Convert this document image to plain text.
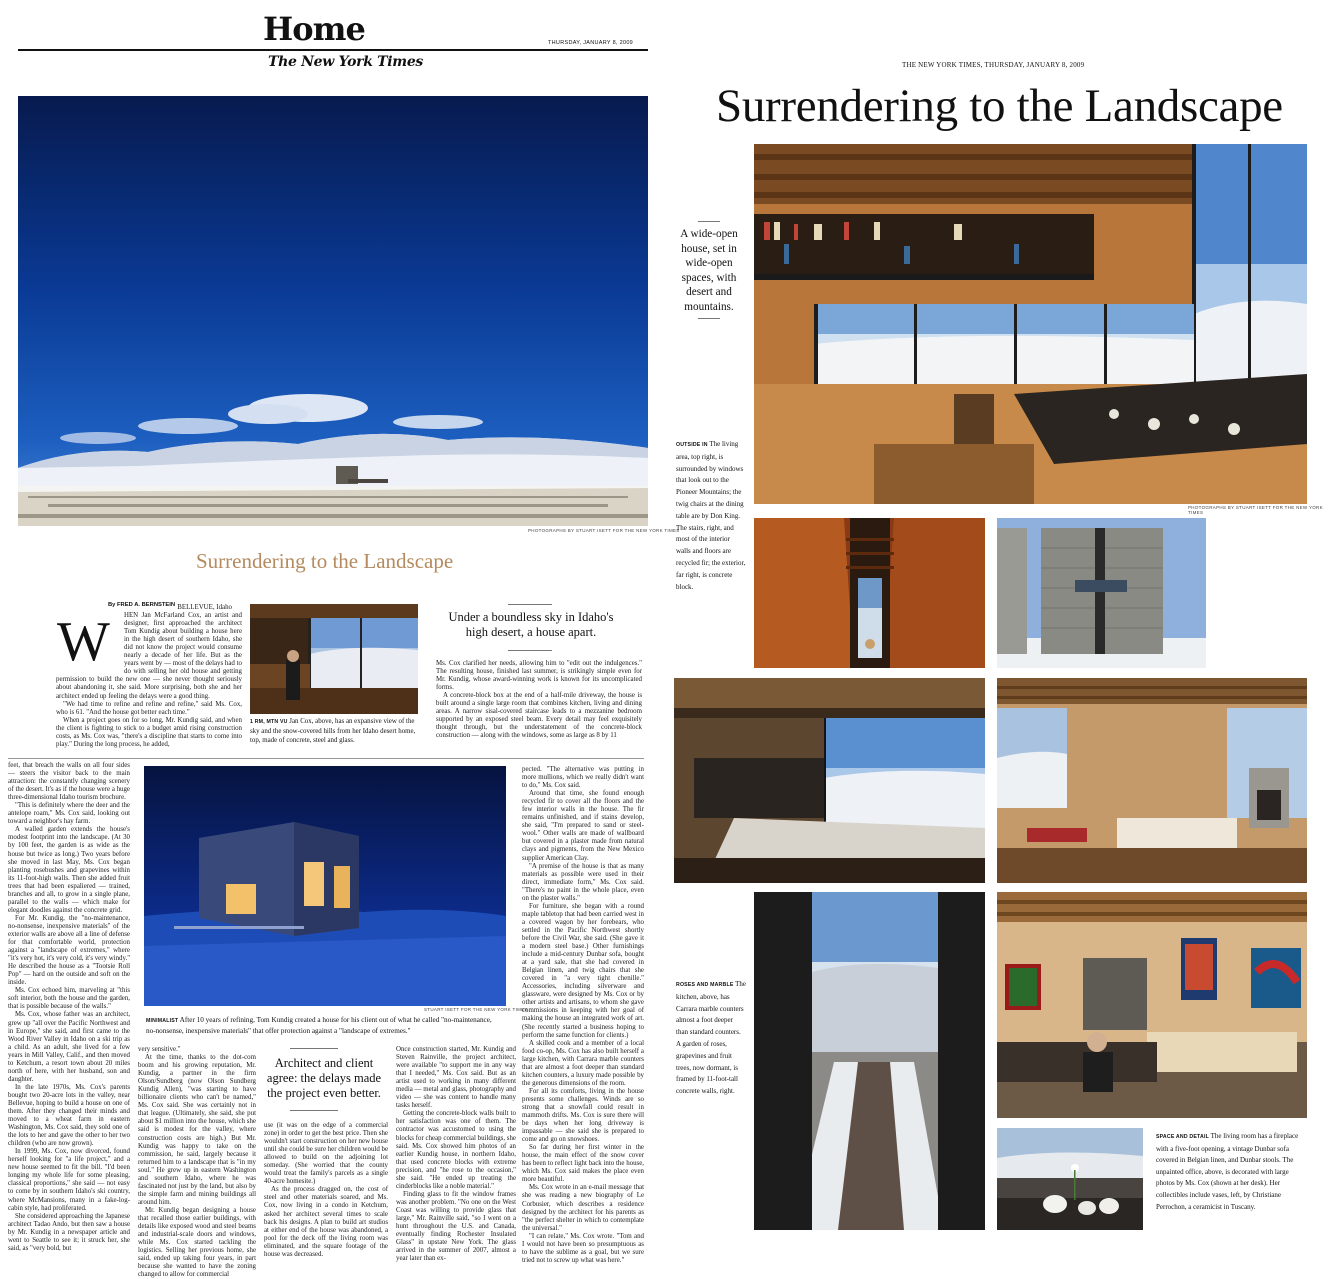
Home
The New York Times
THURSDAY, JANUARY 8, 2009
PHOTOGRAPHS BY STUART ISETT FOR THE NEW YORK TIMES
Surrendering to the Landscape
By FRED A. BERNSTEIN
W
BELLEVUE, Idaho

HEN Jan McFarland Cox, an artist and designer, first approached the architect Tom Kundig about building a house here in the high desert of southern Idaho, she did not know the project would consume nearly a decade of her life. But as the years went by — most of the delays had to do with selling her old house and getting permission to build the new one — she never thought seriously about abandoning it, she said. More surprising, both she and her architect ended up feeling the delays were a good thing.

"We had time to refine and refine and refine," said Ms. Cox, who is 61. "And the house got better each time."

When a project goes on for so long, Mr. Kundig said, and when the client is fighting to stick to a budget amid rising construction costs, as Ms. Cox was, "there's a discipline that starts to come into play." During the long process, he added,

1 RM, MTN VU Jan Cox, above, has an expansive view of the sky and the snow-covered hills from her Idaho desert home, top, made of concrete, steel and glass.
Under a boundless sky in Idaho's high desert, a house apart.

Ms. Cox clarified her needs, allowing him to "edit out the indulgences." The resulting house, finished last summer, is strikingly simple even for Mr. Kundig, whose award-winning work is known for its uncomplicated forms.

A concrete-block box at the end of a half-mile driveway, the house is built around a single large room that combines kitchen, living and dining areas. A narrow sisal-covered staircase leads to a mezzanine bedroom supported by an exposed steel beam. Every detail may feel exquisitely thought through, but the understatement of the concrete-block construction — along with the windows, some as large as 8 by 11

feet, that breach the walls on all four sides — steers the visitor back to the main attraction: the constantly changing scenery of the desert. It's as if the house were a huge three-dimensional Idaho tourism brochure.

"This is definitely where the deer and the antelope roam," Ms. Cox said, looking out toward a neighbor's hay farm.

A walled garden extends the house's modest footprint into the landscape. (At 30 by 100 feet, the garden is as wide as the house but twice as long.) Two years before she moved in last May, Ms. Cox began planting rosebushes and grapevines within its 11-foot-high walls. Then she added fruit trees that had been espaliered — trained, branches and all, to grow in a single plane, parallel to the walls — which make for elegant doodles against the concrete grid.

For Mr. Kundig, the "no-maintenance, no-nonsense, inexpensive materials" of the exterior walls are above all a line of defense for that comfortable world, protection against a "landscape of extremes," where "it's very hot, it's very cold, it's very windy." He described the house as a "Tootsie Roll Pop" — hard on the outside and soft on the inside.

Ms. Cox echoed him, marveling at "this soft interior, both the house and the garden, that is possible because of the walls."

Ms. Cox, whose father was an architect, grew up "all over the Pacific Northwest and in Europe," she said, and first came to the Wood River Valley in Idaho on a ski trip as a child. As an adult, she lived for a few years in Mill Valley, Calif., and then moved to Ketchum, a resort town about 20 miles north of here, with her husband, son and daughter.

In the late 1970s, Ms. Cox's parents bought two 20-acre lots in the valley, near Bellevue, hoping to build a house on one of them. After they changed their minds and moved to a wheat farm in eastern Washington, Ms. Cox said, they sold one of the lots to her and gave the other to her two children (who are now grown).

In 1999, Ms. Cox, now divorced, found herself looking for "a life project," and a new house seemed to fit the bill. "I'd been longing my whole life for some pleasing, classical proportions," she said — not easy to come by in southern Idaho's ski country, where McMansions, many in a fake-log-cabin style, had proliferated.

She considered approaching the Japanese architect Tadao Ando, but then saw a house by Mr. Kundig in a newspaper article and went to Seattle to see it; it struck her, she said, as "very bold, but

STUART ISETT FOR THE NEW YORK TIMES
MINIMALIST After 10 years of refining, Tom Kundig created a house for his client out of what he called "no-maintenance, no-nonsense, inexpensive materials" that offer protection against a "landscape of extremes."

very sensitive."

At the time, thanks to the dot-com boom and his growing reputation, Mr. Kundig, a partner in the firm Olson/Sundberg (now Olson Sundberg Kundig Allen), "was starting to have billionaire clients who can't be named," Ms. Cox said. She was certainly not in that league. (Ultimately, she said, she put about $1 million into the house, which she said is modest for the valley, where construction costs are high.) But Mr. Kundig was happy to take on the commission, he said, largely because it returned him to a landscape that is "in my soul." He grew up in eastern Washington and southern Idaho, where he was fascinated not just by the land, but also by the simple farm and mining buildings all around him.

Mr. Kundig began designing a house that recalled those earlier buildings, with details like exposed wood and steel beams and industrial-scale doors and windows, while Ms. Cox started tackling the logistics. Selling her previous home, she said, ended up taking four years, in part because she wanted to have the zoning changed to allow for commercial

Architect and client agree: the delays made the project even better.

use (it was on the edge of a commercial zone) in order to get the best price. Then she wouldn't start construction on her new house until she could be sure her children would be allowed to build on the adjoining lot someday. (She worried that the county would treat the family's parcels as a single 40-acre homesite.)

As the process dragged on, the cost of steel and other materials soared, and Ms. Cox, now living in a condo in Ketchum, asked her architect several times to scale back his designs. A plan to build art studios at either end of the house was abandoned, a pool for the deck off the living room was eliminated, and the square footage of the house was decreased.

Once construction started, Mr. Kundig and Steven Rainville, the project architect, were available "to support me in any way that I needed," Ms. Cox said. But as an artist used to working in many different media — metal and glass, photography and video — she was content to handle many tasks herself.

Getting the concrete-block walls built to her satisfaction was one of them. The contractor was accustomed to using the blocks for cheap commercial buildings, she said. Ms. Cox showed him photos of an earlier Kundig house, in northern Idaho, that used concrete blocks with extreme precision, and "he rose to the occasion," she said. "He ended up treating the cinderblocks like a noble material."

Finding glass to fit the window frames was another problem. "No one on the West Coast was willing to provide glass that large," Mr. Rainville said, "so I went on a hunt throughout the U.S. and Canada, eventually finding Rochester Insulated Glass" in upstate New York. The glass arrived in the summer of 2007, almost a year later than ex-

pected. "The alternative was putting in more mullions, which we really didn't want to do," Ms. Cox said.

Around that time, she found enough recycled fir to cover all the floors and the few interior walls in the house. The fir remains unfinished, and if stains develop, she said, "I'm prepared to sand or steel-wool." Other walls are made of wallboard but covered in a plaster made from natural clays and pigments, from the New Mexico supplier American Clay.

"A premise of the house is that as many materials as possible were used in their direct, immediate form," Ms. Cox said. "There's no paint in the whole place, even on the plaster walls."

For furniture, she began with a round maple tabletop that had been carried west in a covered wagon by her forebears, who settled in the Pacific Northwest shortly before the Civil War, she said. (She gave it a modern steel base.) Other furnishings include a mid-century Dunbar sofa, bought at a yard sale, that she had covered in Belgian linen, and twig chairs that she covered in "a very tight chenille." Accessories, including silverware and glassware, were designed by Ms. Cox or by other artists and artisans, to whom she gave commissions in keeping with her goal of making the house an integrated work of art. (She recently started a business hoping to perform the same function for clients.)

A skilled cook and a member of a local food co-op, Ms. Cox has also built herself a large kitchen, with Carrara marble counters that are almost a foot deeper than standard kitchen counters, a luxury made possible by the generous dimensions of the room.

For all its comforts, living in the house presents some challenges. Winds are so strong that a snowfall could result in mammoth drifts. Ms. Cox is sure there will be days when her long driveway is impassable — she said she is prepared to come and go on snowshoes.

So far during her first winter in the house, the main effect of the snow cover has been to reflect light back into the house, which Ms. Cox said makes the place even more beautiful.

Ms. Cox wrote in an e-mail message that she was reading a new biography of Le Corbusier, which describes a residence designed by the architect for his parents as "the perfect shelter in which to contemplate the universal."

"I can relate," Ms. Cox wrote. "Tom and I would not have been so presumptuous as to have the sublime as a goal, but we sure tried not to screw up what was here."

THE NEW YORK TIMES, THURSDAY, JANUARY 8, 2009
Surrendering to the Landscape
A wide-open house, set in wide-open spaces, with desert and mountains.
PHOTOGRAPHS BY STUART ISETT FOR THE NEW YORK TIMES
OUTSIDE IN The living area, top right, is surrounded by windows that look out to the Pioneer Mountains; the twig chairs at the dining table are by Don King. The stairs, right, and most of the interior walls and floors are recycled fir; the exterior, far right, is concrete block.
ROSES AND MARBLE The kitchen, above, has Carrara marble counters almost a foot deeper than standard counters. A garden of roses, grapevines and fruit trees, now dormant, is framed by 11-foot-tall concrete walls, right.
SPACE AND DETAIL The living room has a fireplace with a five-foot opening, a vintage Dunbar sofa covered in Belgian linen, and Dunbar stools. The unpainted office, above, is decorated with large photos by Ms. Cox (shown at her desk). Her collectibles include vases, left, by Christiane Perrochon, a ceramicist in Tuscany.
